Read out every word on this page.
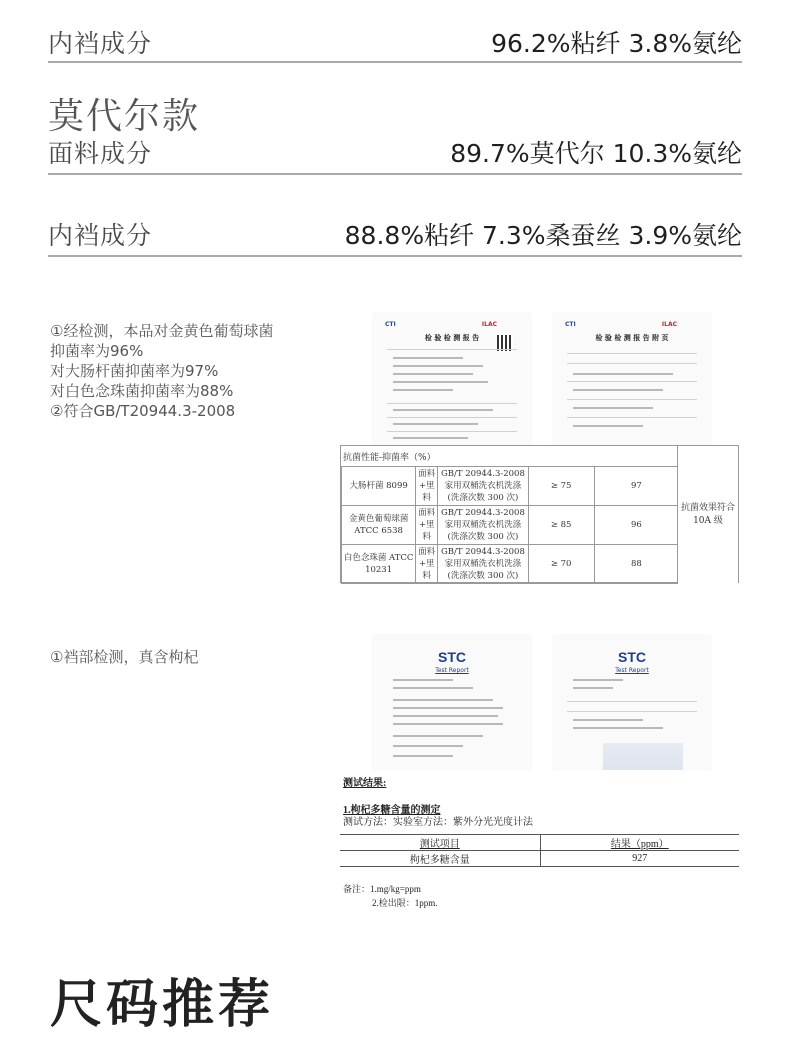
内裆成分	96.2%粘纤 3.8%氨纶
莫代尔款
面料成分	89.7%莫代尔 10.3%氨纶
内裆成分	88.8%粘纤 7.3%桑蚕丝 3.9%氨纶
①经检测，本品对金黄色葡萄球菌
抑菌率为96%
对大肠杆菌抑菌率为97%
对白色念珠菌抑菌率为88%
②符合GB/T20944.3-2008
CTI	ILAC
检 验 检 测 报 告
CTI	ILAC
检 验 检 测 报 告 附 页
抗菌性能-抑菌率（%）
大肠杆菌 8099	面料+里料	GB/T 20944.3-2008 家用双桶洗衣机洗涤 (洗涤次数 300 次)	≥ 75	97
金黄色葡萄球菌 ATCC 6538	面料+里料	GB/T 20944.3-2008 家用双桶洗衣机洗涤 (洗涤次数 300 次)	≥ 85	96
白色念珠菌 ATCC 10231	面料+里料	GB/T 20944.3-2008 家用双桶洗衣机洗涤 (洗涤次数 300 次)	≥ 70	88
抗菌效果符合 10A 级
①裆部检测，真含枸杞	STC
Test Report
STC
Test Report
测试结果:
1.枸杞多糖含量的测定
测试方法：实验室方法：紫外分光光度计法
测试项目	结果（ppm）
枸杞多糖含量	927
备注：1.mg/kg=ppm
2.检出限：1ppm.
尺码推荐
